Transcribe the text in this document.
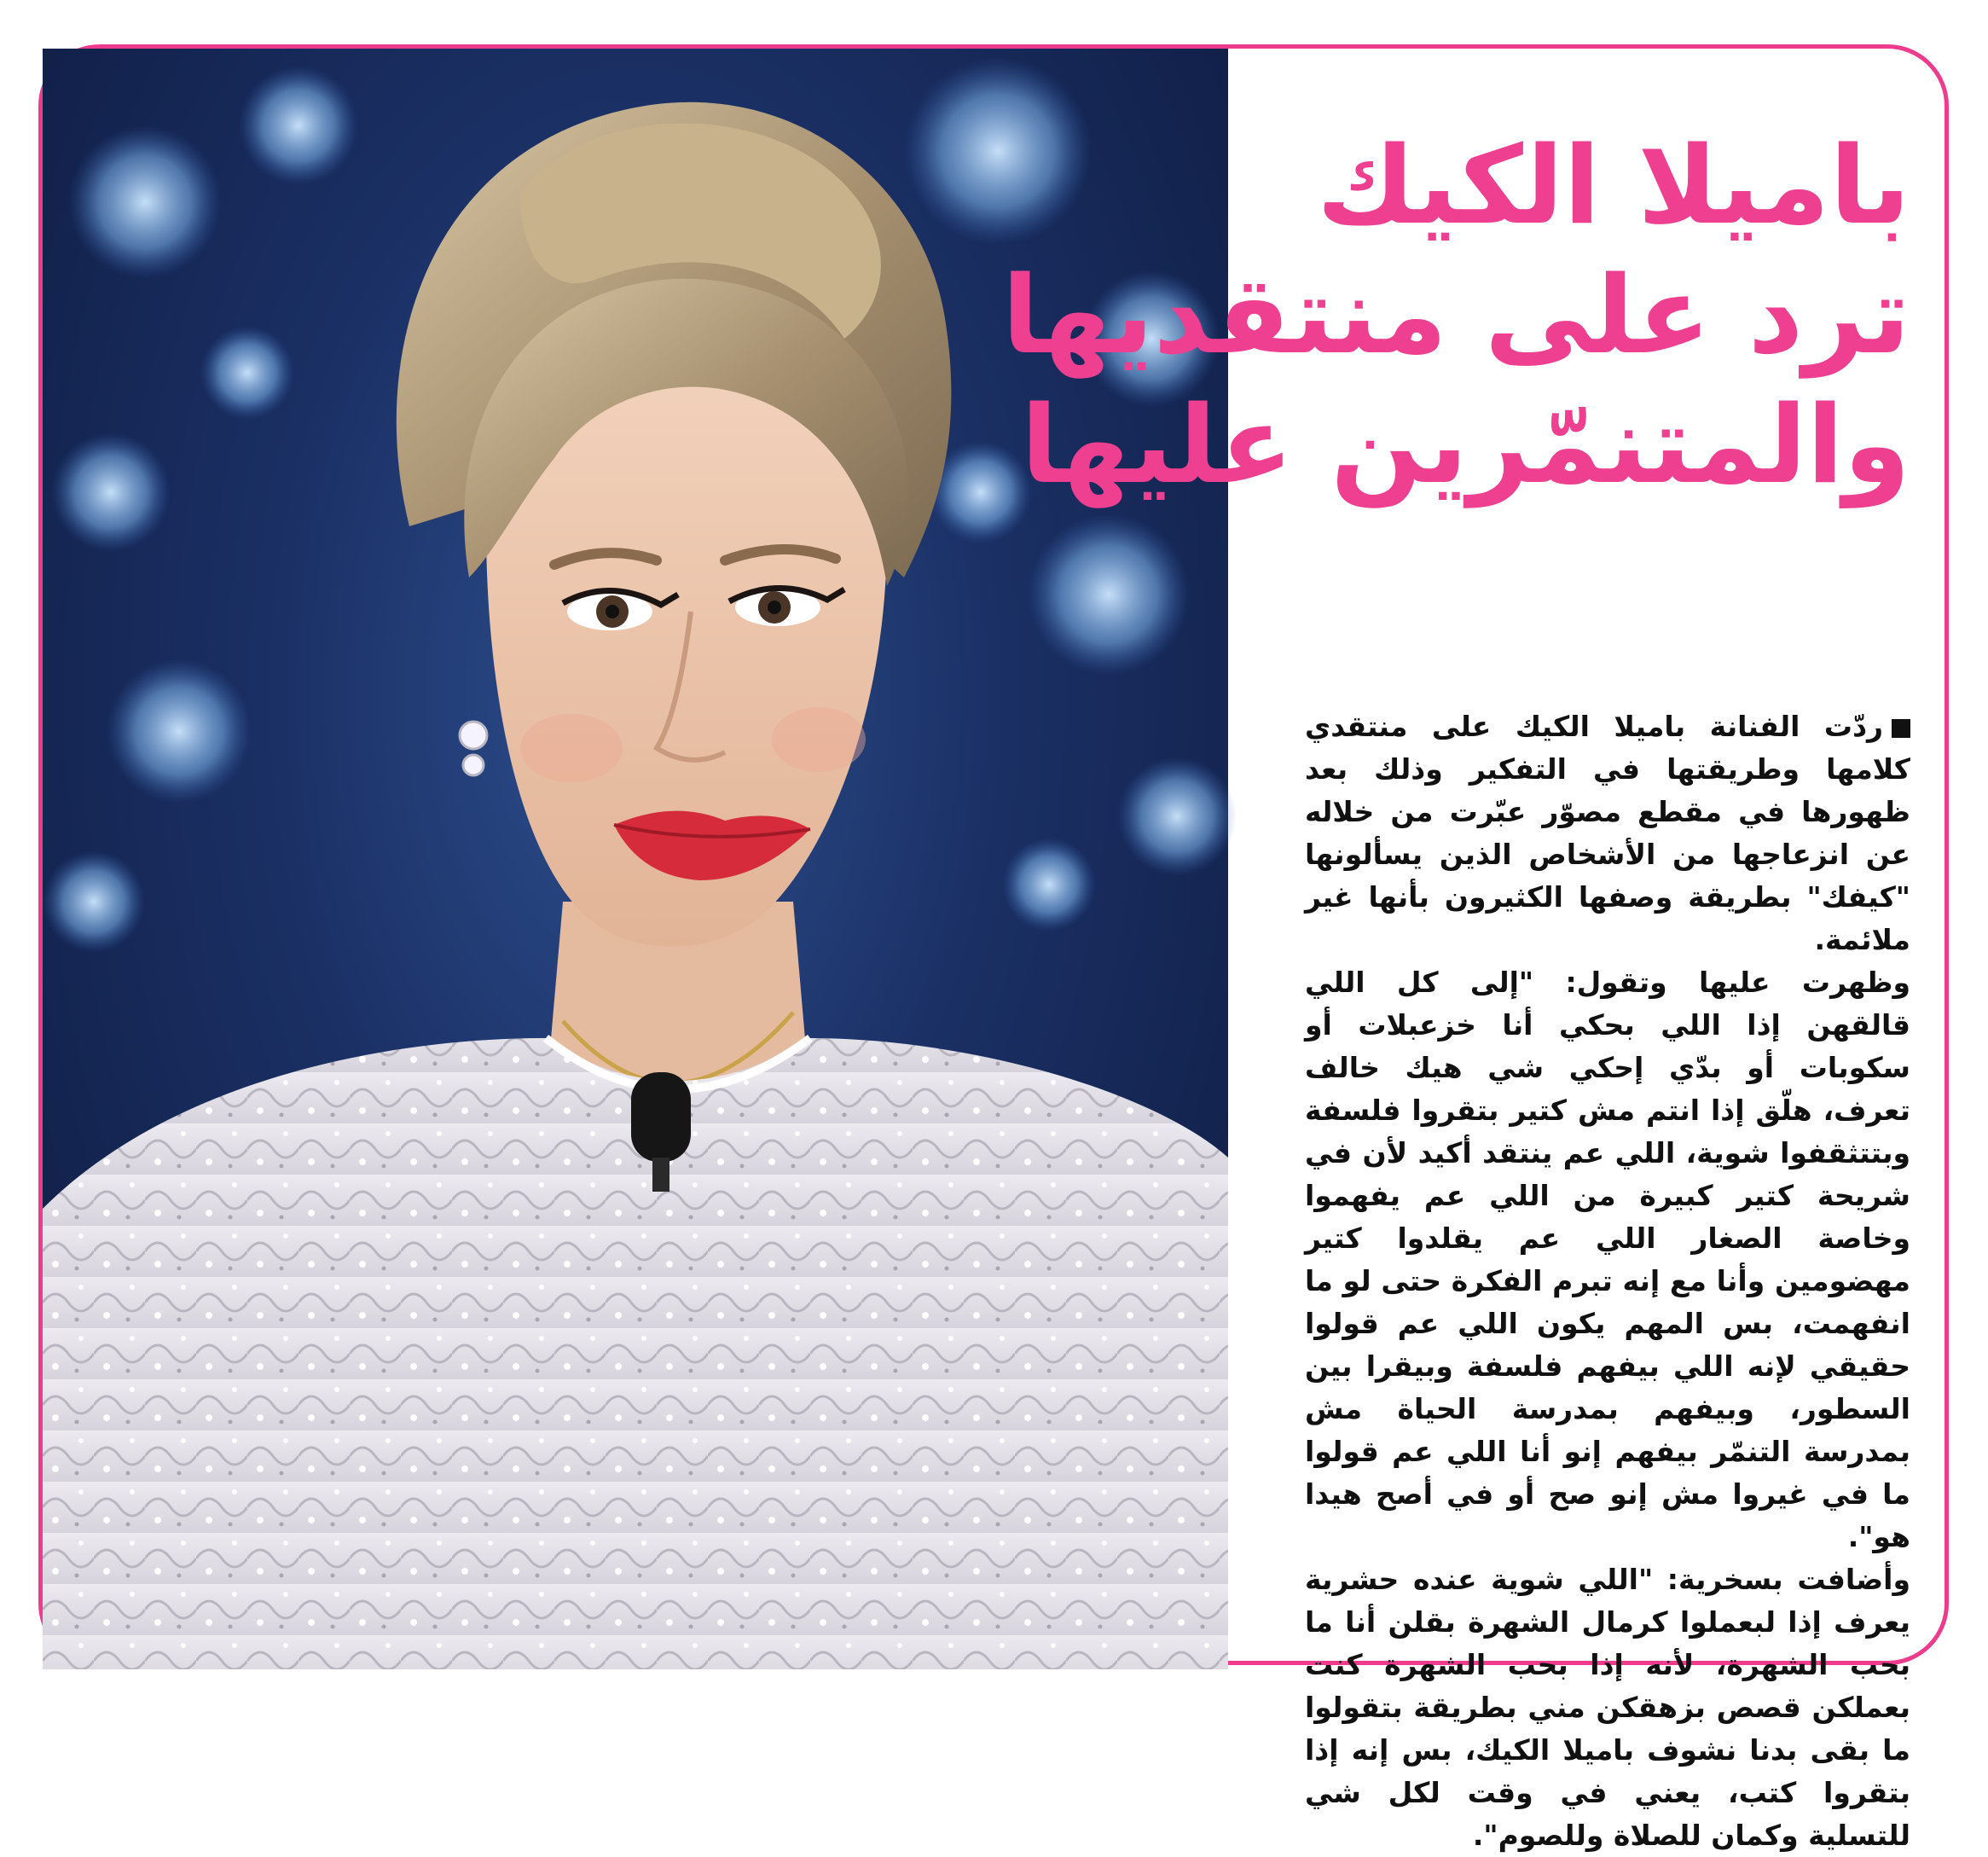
باميلا الكيك
ترد على منتقديها
والمتنمّرين عليها

ردّت الفنانة باميلا الكيك على منتقدي كلامها وطريقتها في التفكير وذلك بعد ظهورها في مقطع مصوّر عبّرت من خلاله عن انزعاجها من الأشخاص الذين يسألونها "كيفك" بطريقة وصفها الكثيرون بأنها غير ملائمة.

وظهرت عليها وتقول: "إلى كل اللي قالقهن إذا اللي بحكي أنا خزعبلات أو سكوبات أو بدّي إحكي شي هيك خالف تعرف، هلّق إذا انتم مش كتير بتقروا فلسفة وبتتثقفوا شوية، اللي عم ينتقد أكيد لأن في شريحة كتير كبيرة من اللي عم يفهموا وخاصة الصغار اللي عم يقلدوا كتير مهضومين وأنا مع إنه تبرم الفكرة حتى لو ما انفهمت، بس المهم يكون اللي عم قولوا حقيقي لإنه اللي بيفهم فلسفة وبيقرا بين السطور، وبيفهم بمدرسة الحياة مش بمدرسة التنمّر بيفهم إنو أنا اللي عم قولوا ما في غيروا مش إنو صح أو في أصح هيدا هو".

وأضافت بسخرية: "اللي شوية عنده حشرية يعرف إذا لبعملوا كرمال الشهرة بقلن أنا ما بحب الشهرة، لأنه إذا بحب الشهرة كنت بعملكن قصص بزهقكن مني بطريقة بتقولوا ما بقى بدنا نشوف باميلا الكيك، بس إنه إذا بتقروا كتب، يعني في وقت لكل شي للتسلية وكمان للصلاة وللصوم".
